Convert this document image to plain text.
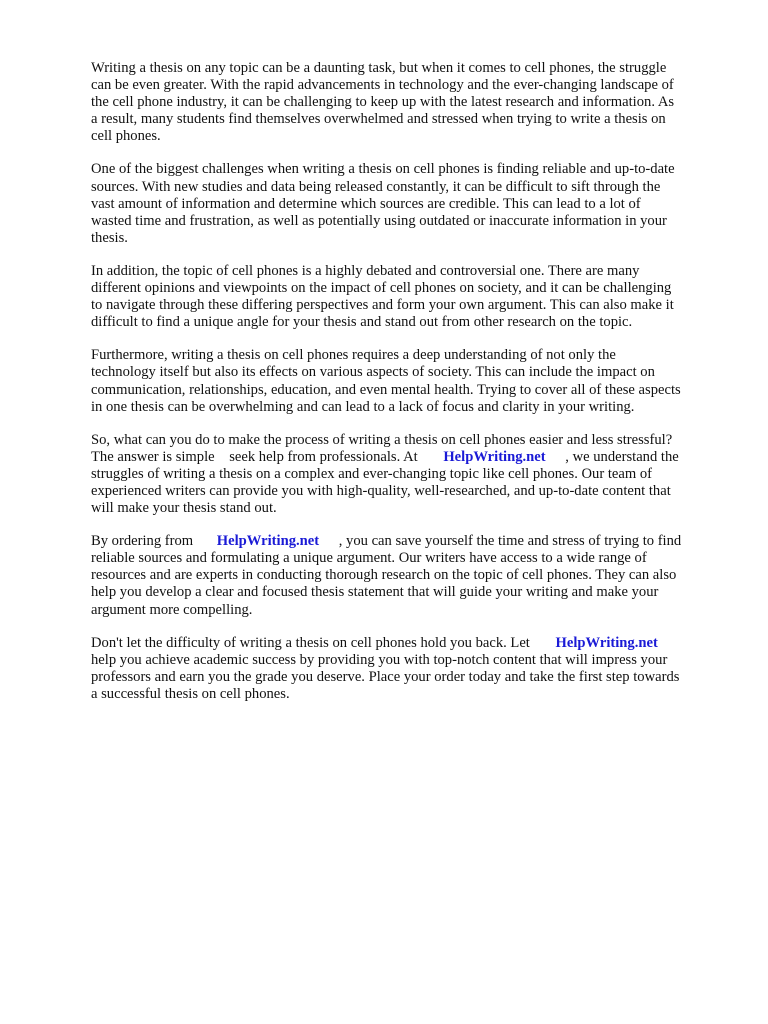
Writing a thesis on any topic can be a daunting task, but when it comes to cell phones, the struggle
can be even greater. With the rapid advancements in technology and the ever-changing landscape of
the cell phone industry, it can be challenging to keep up with the latest research and information. As
a result, many students find themselves overwhelmed and stressed when trying to write a thesis on
cell phones.
One of the biggest challenges when writing a thesis on cell phones is finding reliable and up-to-date
sources. With new studies and data being released constantly, it can be difficult to sift through the
vast amount of information and determine which sources are credible. This can lead to a lot of
wasted time and frustration, as well as potentially using outdated or inaccurate information in your
thesis.
In addition, the topic of cell phones is a highly debated and controversial one. There are many
different opinions and viewpoints on the impact of cell phones on society, and it can be challenging
to navigate through these differing perspectives and form your own argument. This can also make it
difficult to find a unique angle for your thesis and stand out from other research on the topic.
Furthermore, writing a thesis on cell phones requires a deep understanding of not only the
technology itself but also its effects on various aspects of society. This can include the impact on
communication, relationships, education, and even mental health. Trying to cover all of these aspects
in one thesis can be overwhelming and can lead to a lack of focus and clarity in your writing.
So, what can you do to make the process of writing a thesis on cell phones easier and less stressful?
The answer is simple    seek help from professionals. At HelpWriting.net , we understand the
struggles of writing a thesis on a complex and ever-changing topic like cell phones. Our team of
experienced writers can provide you with high-quality, well-researched, and up-to-date content that
will make your thesis stand out.
By ordering from HelpWriting.net , you can save yourself the time and stress of trying to find
reliable sources and formulating a unique argument. Our writers have access to a wide range of
resources and are experts in conducting thorough research on the topic of cell phones. They can also
help you develop a clear and focused thesis statement that will guide your writing and make your
argument more compelling.
Don't let the difficulty of writing a thesis on cell phones hold you back. Let HelpWriting.net
help you achieve academic success by providing you with top-notch content that will impress your
professors and earn you the grade you deserve. Place your order today and take the first step towards
a successful thesis on cell phones.
